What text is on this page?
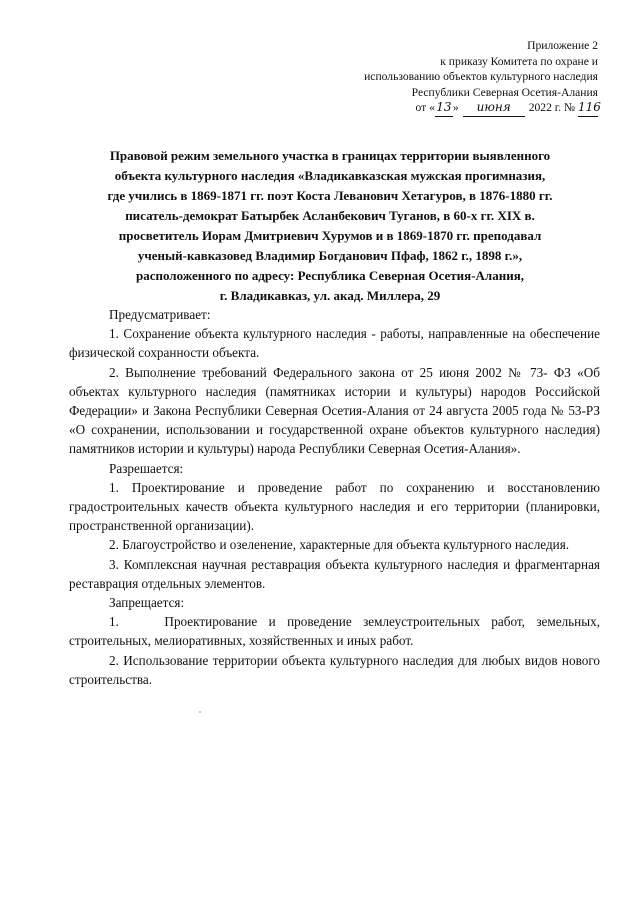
Приложение 2
к приказу Комитета по охране и
использованию объектов культурного наследия
Республики Северная Осетия-Алания
от «13» июня 2022 г. № 116
Правовой режим земельного участка в границах территории выявленного
объекта культурного наследия «Владикавказская мужская прогимназия,
где учились в 1869-1871 гг. поэт Коста Леванович Хетагуров, в 1876-1880 гг.
писатель-демократ Батырбек Асланбекович Туганов, в 60-х гг. XIX в.
просветитель Иорам Дмитриевич Хурумов и в 1869-1870 гг. преподавал
ученый-кавказовед Владимир Богданович Пфаф, 1862 г., 1898 г.»,
расположенного по адресу: Республика Северная Осетия-Алания,
г. Владикавказ, ул. акад. Миллера, 29

Предусматривает:

1. Сохранение объекта культурного наследия - работы, направленные на обеспечение физической сохранности объекта.

2. Выполнение требований Федерального закона от 25 июня 2002 № 73- ФЗ «Об объектах культурного наследия (памятниках истории и культуры) народов Российской Федерации» и Закона Республики Северная Осетия-Алания от 24 августа 2005 года № 53-РЗ «О сохранении, использовании и государственной охране объектов культурного наследия) памятников истории и культуры) народа Республики Северная Осетия-Алания».

Разрешается:

1. Проектирование и проведение работ по сохранению и восстановлению градостроительных качеств объекта культурного наследия и его территории (планировки, пространственной организации).

2. Благоустройство и озеленение, характерные для объекта культурного наследия.

3. Комплексная научная реставрация объекта культурного наследия и фрагментарная реставрация отдельных элементов.

Запрещается:

1.    Проектирование и проведение землеустроительных работ, земельных, строительных, мелиоративных, хозяйственных и иных работ.

2. Использование территории объекта культурного наследия для любых видов нового строительства.
